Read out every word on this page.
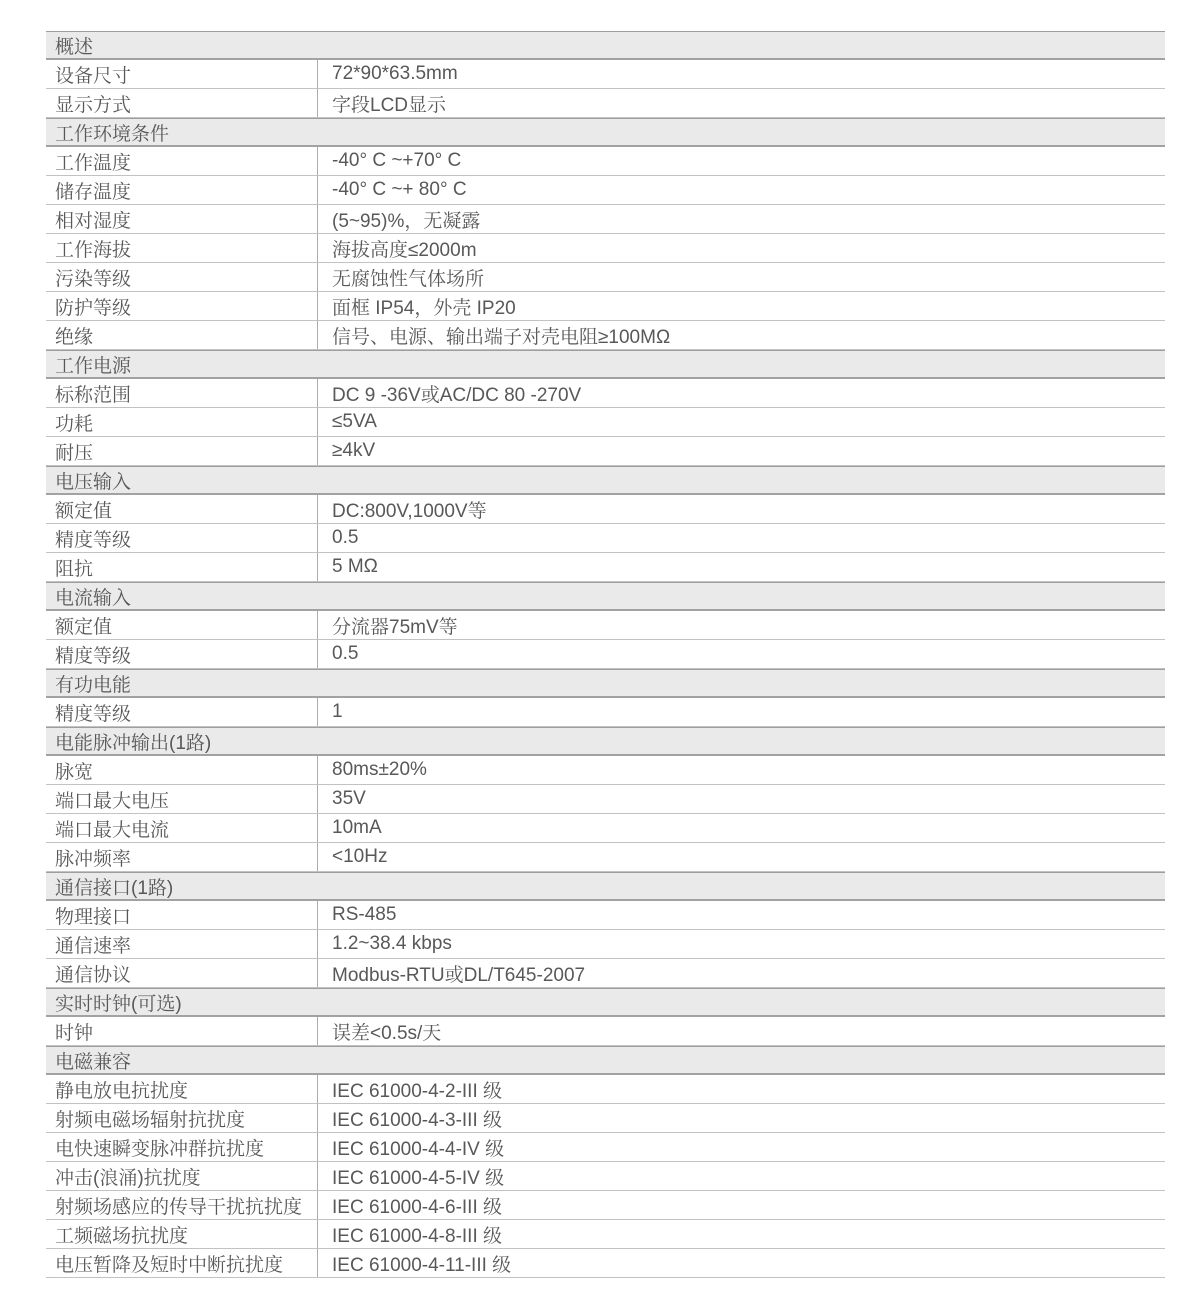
概述
设备尺寸	72*90*63.5mm
显示方式	字段LCD显示
工作环境条件
工作温度	-40° C ~+70° C
储存温度	-40° C ~+ 80° C
相对湿度	(5~95)%，无凝露
工作海拔	海拔高度≤2000m
污染等级	无腐蚀性气体场所
防护等级	面框 IP54，外壳 IP20
绝缘	信号、电源、输出端子对壳电阻≥100MΩ
工作电源
标称范围	DC 9 -36V或AC/DC 80 -270V
功耗	≤5VA
耐压	≥4kV
电压输入
额定值	DC:800V,1000V等
精度等级	0.5
阻抗	5 MΩ
电流输入
额定值	分流器75mV等
精度等级	0.5
有功电能
精度等级	1
电能脉冲输出(1路)
脉宽	80ms±20%
端口最大电压	35V
端口最大电流	10mA
脉冲频率	<10Hz
通信接口(1路)
物理接口	RS-485
通信速率	1.2~38.4 kbps
通信协议	Modbus-RTU或DL/T645-2007
实时时钟(可选)
时钟	误差<0.5s/天
电磁兼容
静电放电抗扰度	IEC 61000-4-2-III 级
射频电磁场辐射抗扰度	IEC 61000-4-3-III 级
电快速瞬变脉冲群抗扰度	IEC 61000-4-4-IV 级
冲击(浪涌)抗扰度	IEC 61000-4-5-IV 级
射频场感应的传导干扰抗扰度	IEC 61000-4-6-III 级
工频磁场抗扰度	IEC 61000-4-8-III 级
电压暂降及短时中断抗扰度	IEC 61000-4-11-III 级
